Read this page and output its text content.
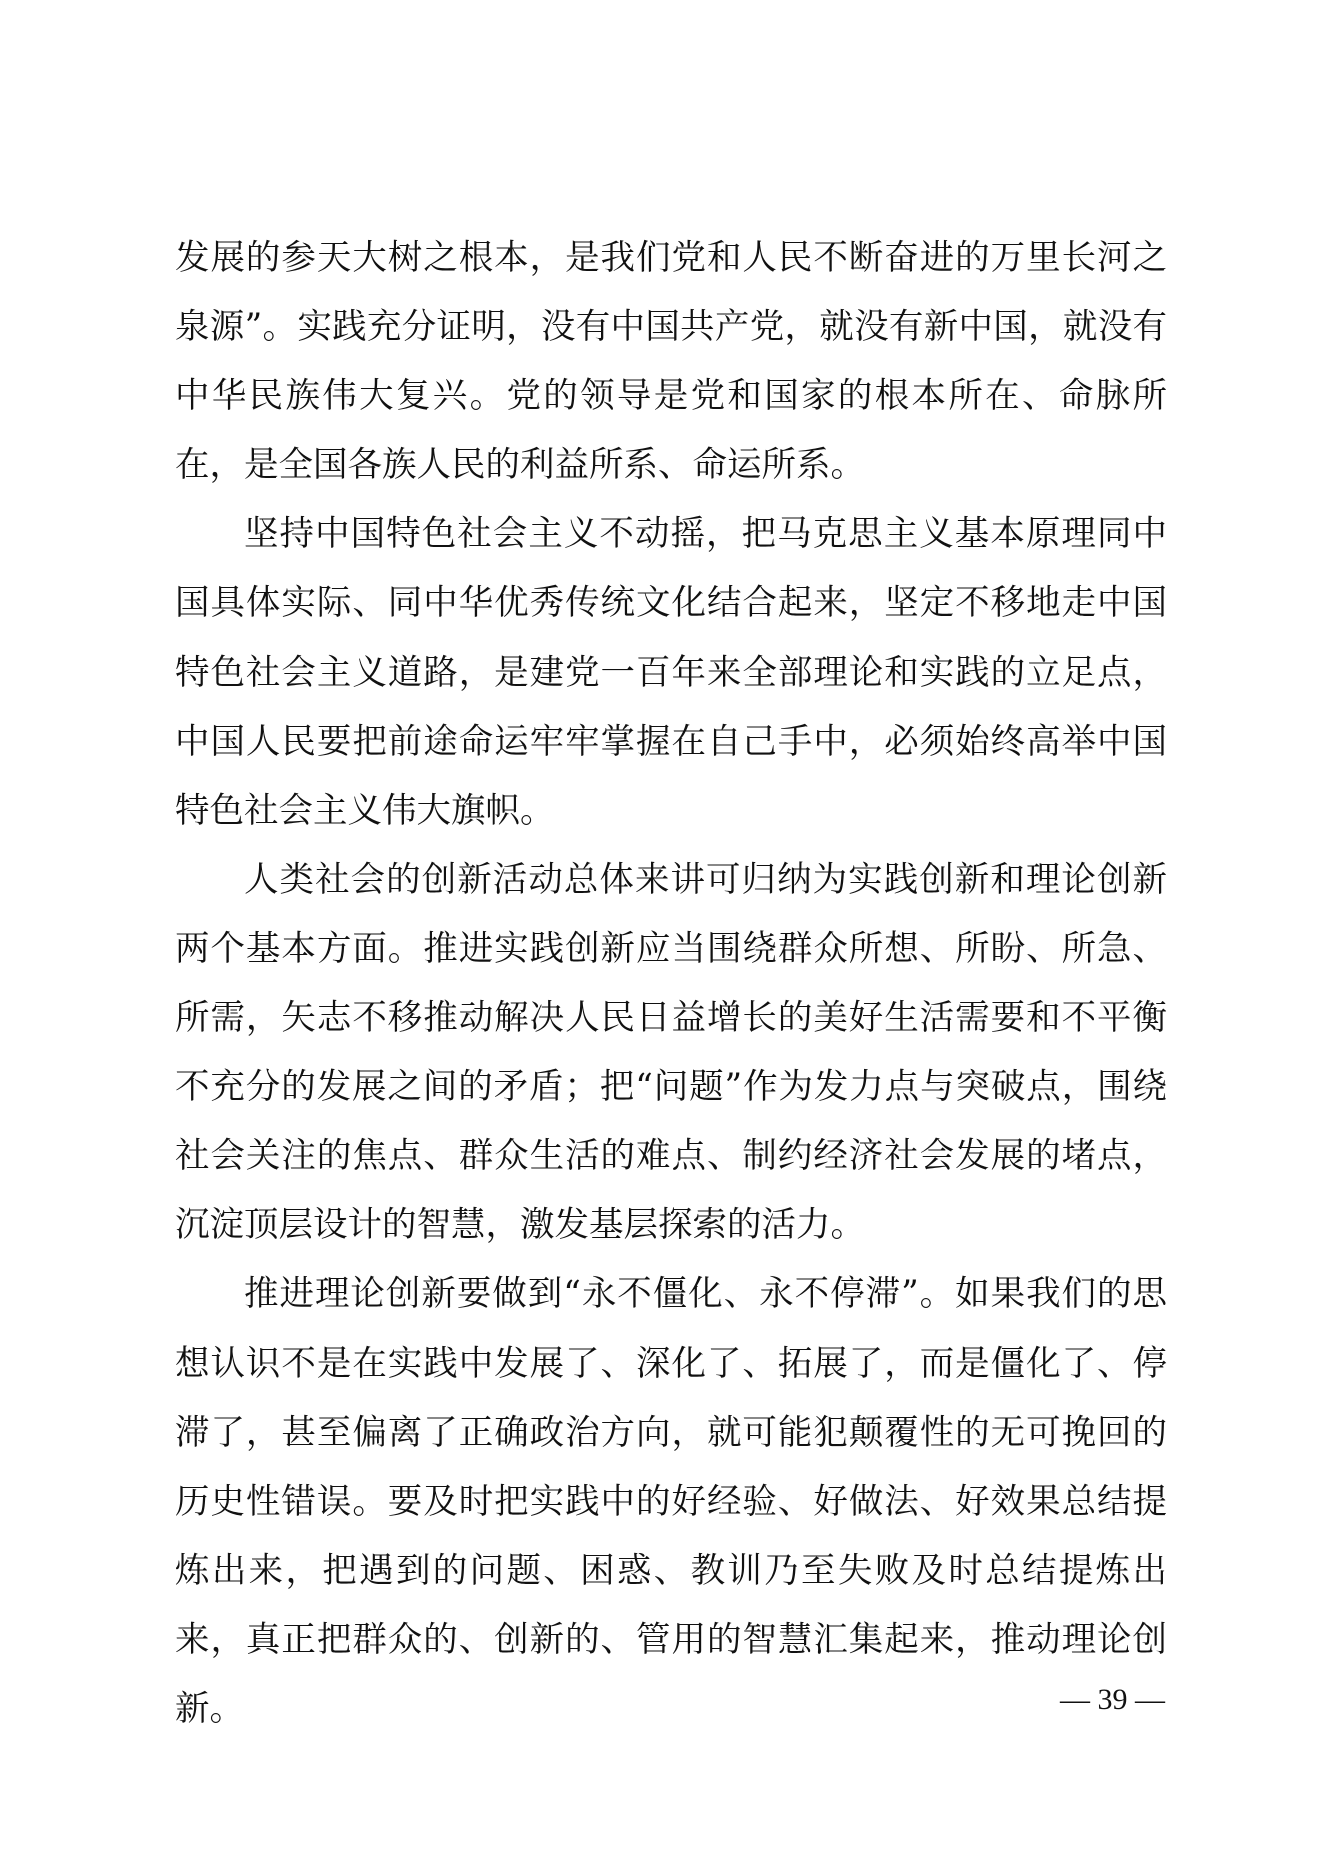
发展的参天大树之根本，是我们党和人民不断奋进的万里长河之泉源”。实践充分证明，没有中国共产党，就没有新中国，就没有中华民族伟大复兴。党的领导是党和国家的根本所在、命脉所在，是全国各族人民的利益所系、命运所系。

坚持中国特色社会主义不动摇，把马克思主义基本原理同中国具体实际、同中华优秀传统文化结合起来，坚定不移地走中国特色社会主义道路，是建党一百年来全部理论和实践的立足点，中国人民要把前途命运牢牢掌握在自己手中，必须始终高举中国特色社会主义伟大旗帜。

人类社会的创新活动总体来讲可归纳为实践创新和理论创新两个基本方面。推进实践创新应当围绕群众所想、所盼、所急、所需，矢志不移推动解决人民日益增长的美好生活需要和不平衡不充分的发展之间的矛盾；把“问题”作为发力点与突破点，围绕社会关注的焦点、群众生活的难点、制约经济社会发展的堵点，沉淀顶层设计的智慧，激发基层探索的活力。

推进理论创新要做到“永不僵化、永不停滞”。如果我们的思想认识不是在实践中发展了、深化了、拓展了，而是僵化了、停滞了，甚至偏离了正确政治方向，就可能犯颠覆性的无可挽回的历史性错误。要及时把实践中的好经验、好做法、好效果总结提炼出来，把遇到的问题、困惑、教训乃至失败及时总结提炼出来，真正把群众的、创新的、管用的智慧汇集起来，推动理论创新。	— 39 —
